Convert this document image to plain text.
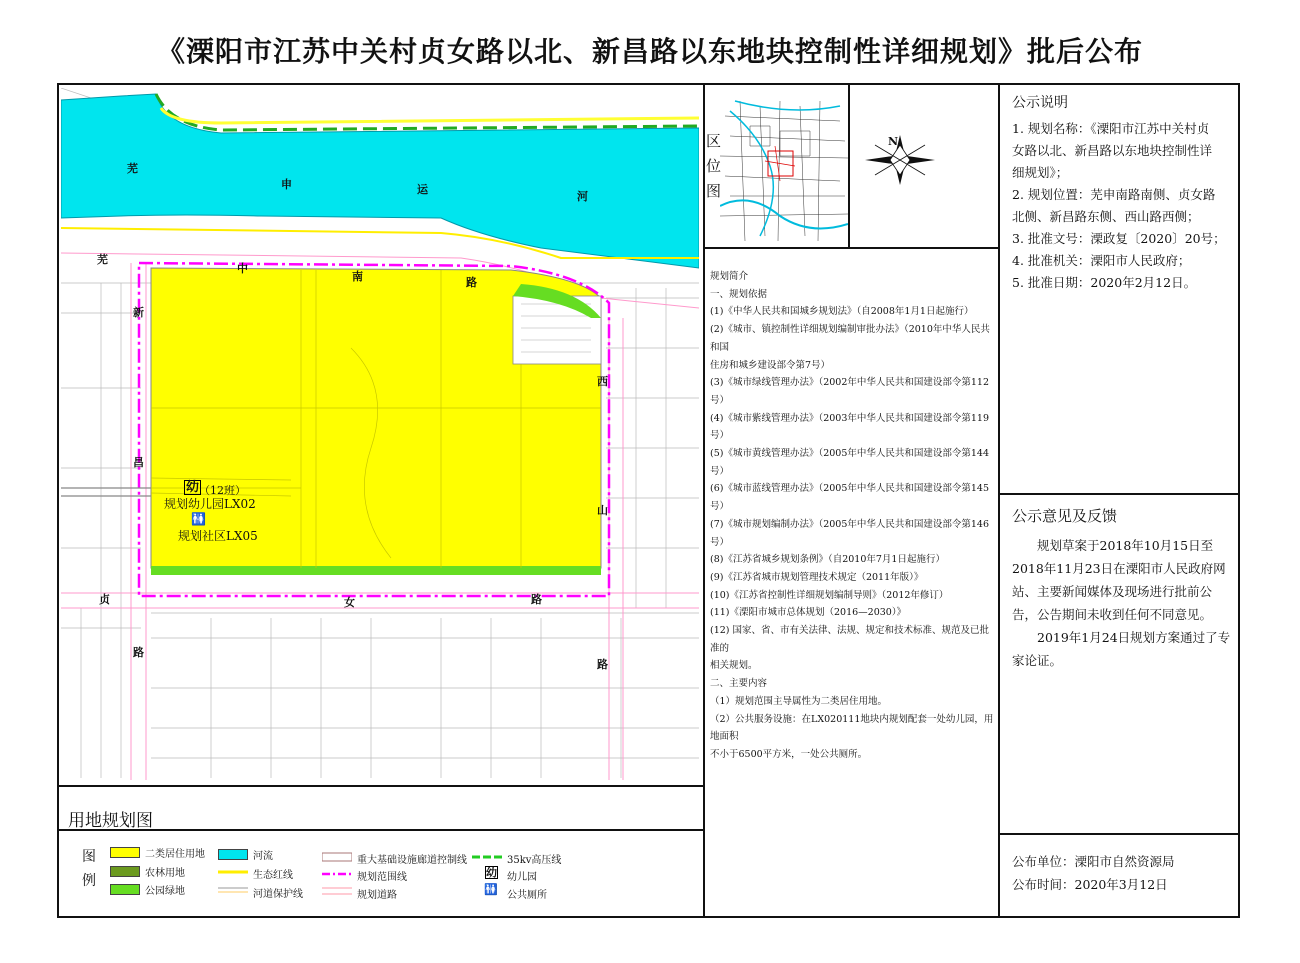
《溧阳市江苏中关村贞女路以北、新昌路以东地块控制性详细规划》批后公布
芜
申	运
河
芜
中
南	路
新
昌
路
西
山
路
贞	女	路
幼 （12班）
规划幼儿园LX02
🚻
规划社区LX05
用地规划图
区
位
图
N
规划简介
一、规划依据
(1)《中华人民共和国城乡规划法》（自2008年1月1日起施行）
(2)《城市、镇控制性详细规划编制审批办法》（2010年中华人民共和国
住房和城乡建设部令第7号）
(3)《城市绿线管理办法》（2002年中华人民共和国建设部令第112号）
(4)《城市紫线管理办法》（2003年中华人民共和国建设部令第119号）
(5)《城市黄线管理办法》（2005年中华人民共和国建设部令第144号）
(6)《城市蓝线管理办法》（2005年中华人民共和国建设部令第145号）
(7)《城市规划编制办法》（2005年中华人民共和国建设部令第146号）
(8)《江苏省城乡规划条例》（自2010年7月1日起施行）
(9)《江苏省城市规划管理技术规定（2011年版）》
(10)《江苏省控制性详细规划编制导则》（2012年修订）
(11)《溧阳市城市总体规划（2016—2030）》
(12) 国家、省、市有关法律、法规、规定和技术标准、规范及已批准的
相关规划。
二、主要内容
（1）规划范围主导属性为二类居住用地。
（2）公共服务设施：在LX020111地块内规划配套一处幼儿园，用地面积
不小于6500平方米，一处公共厕所。
公示说明
1. 规划名称：《溧阳市江苏中关村贞
女路以北、新昌路以东地块控制性详
细规划》；
2. 规划位置：芜申南路南侧、贞女路
北侧、新昌路东侧、西山路西侧；
3. 批准文号：溧政复〔2020〕20号；
4. 批准机关：溧阳市人民政府；
5. 批准日期：2020年2月12日。
公示意见及反馈

规划草案于2018年10月15日至2018年11月23日在溧阳市人民政府网站、主要新闻媒体及现场进行批前公告，公告期间未收到任何不同意见。

2019年1月24日规划方案通过了专家论证。

公布单位：溧阳市自然资源局
公布时间：2020年3月12日
图
例
二类居住用地
农林用地
公园绿地
河流
生态红线
河道保护线
重大基础设施廊道控制线
规划范围线
规划道路
35kv高压线
幼 幼儿园
🚻 公共厕所
